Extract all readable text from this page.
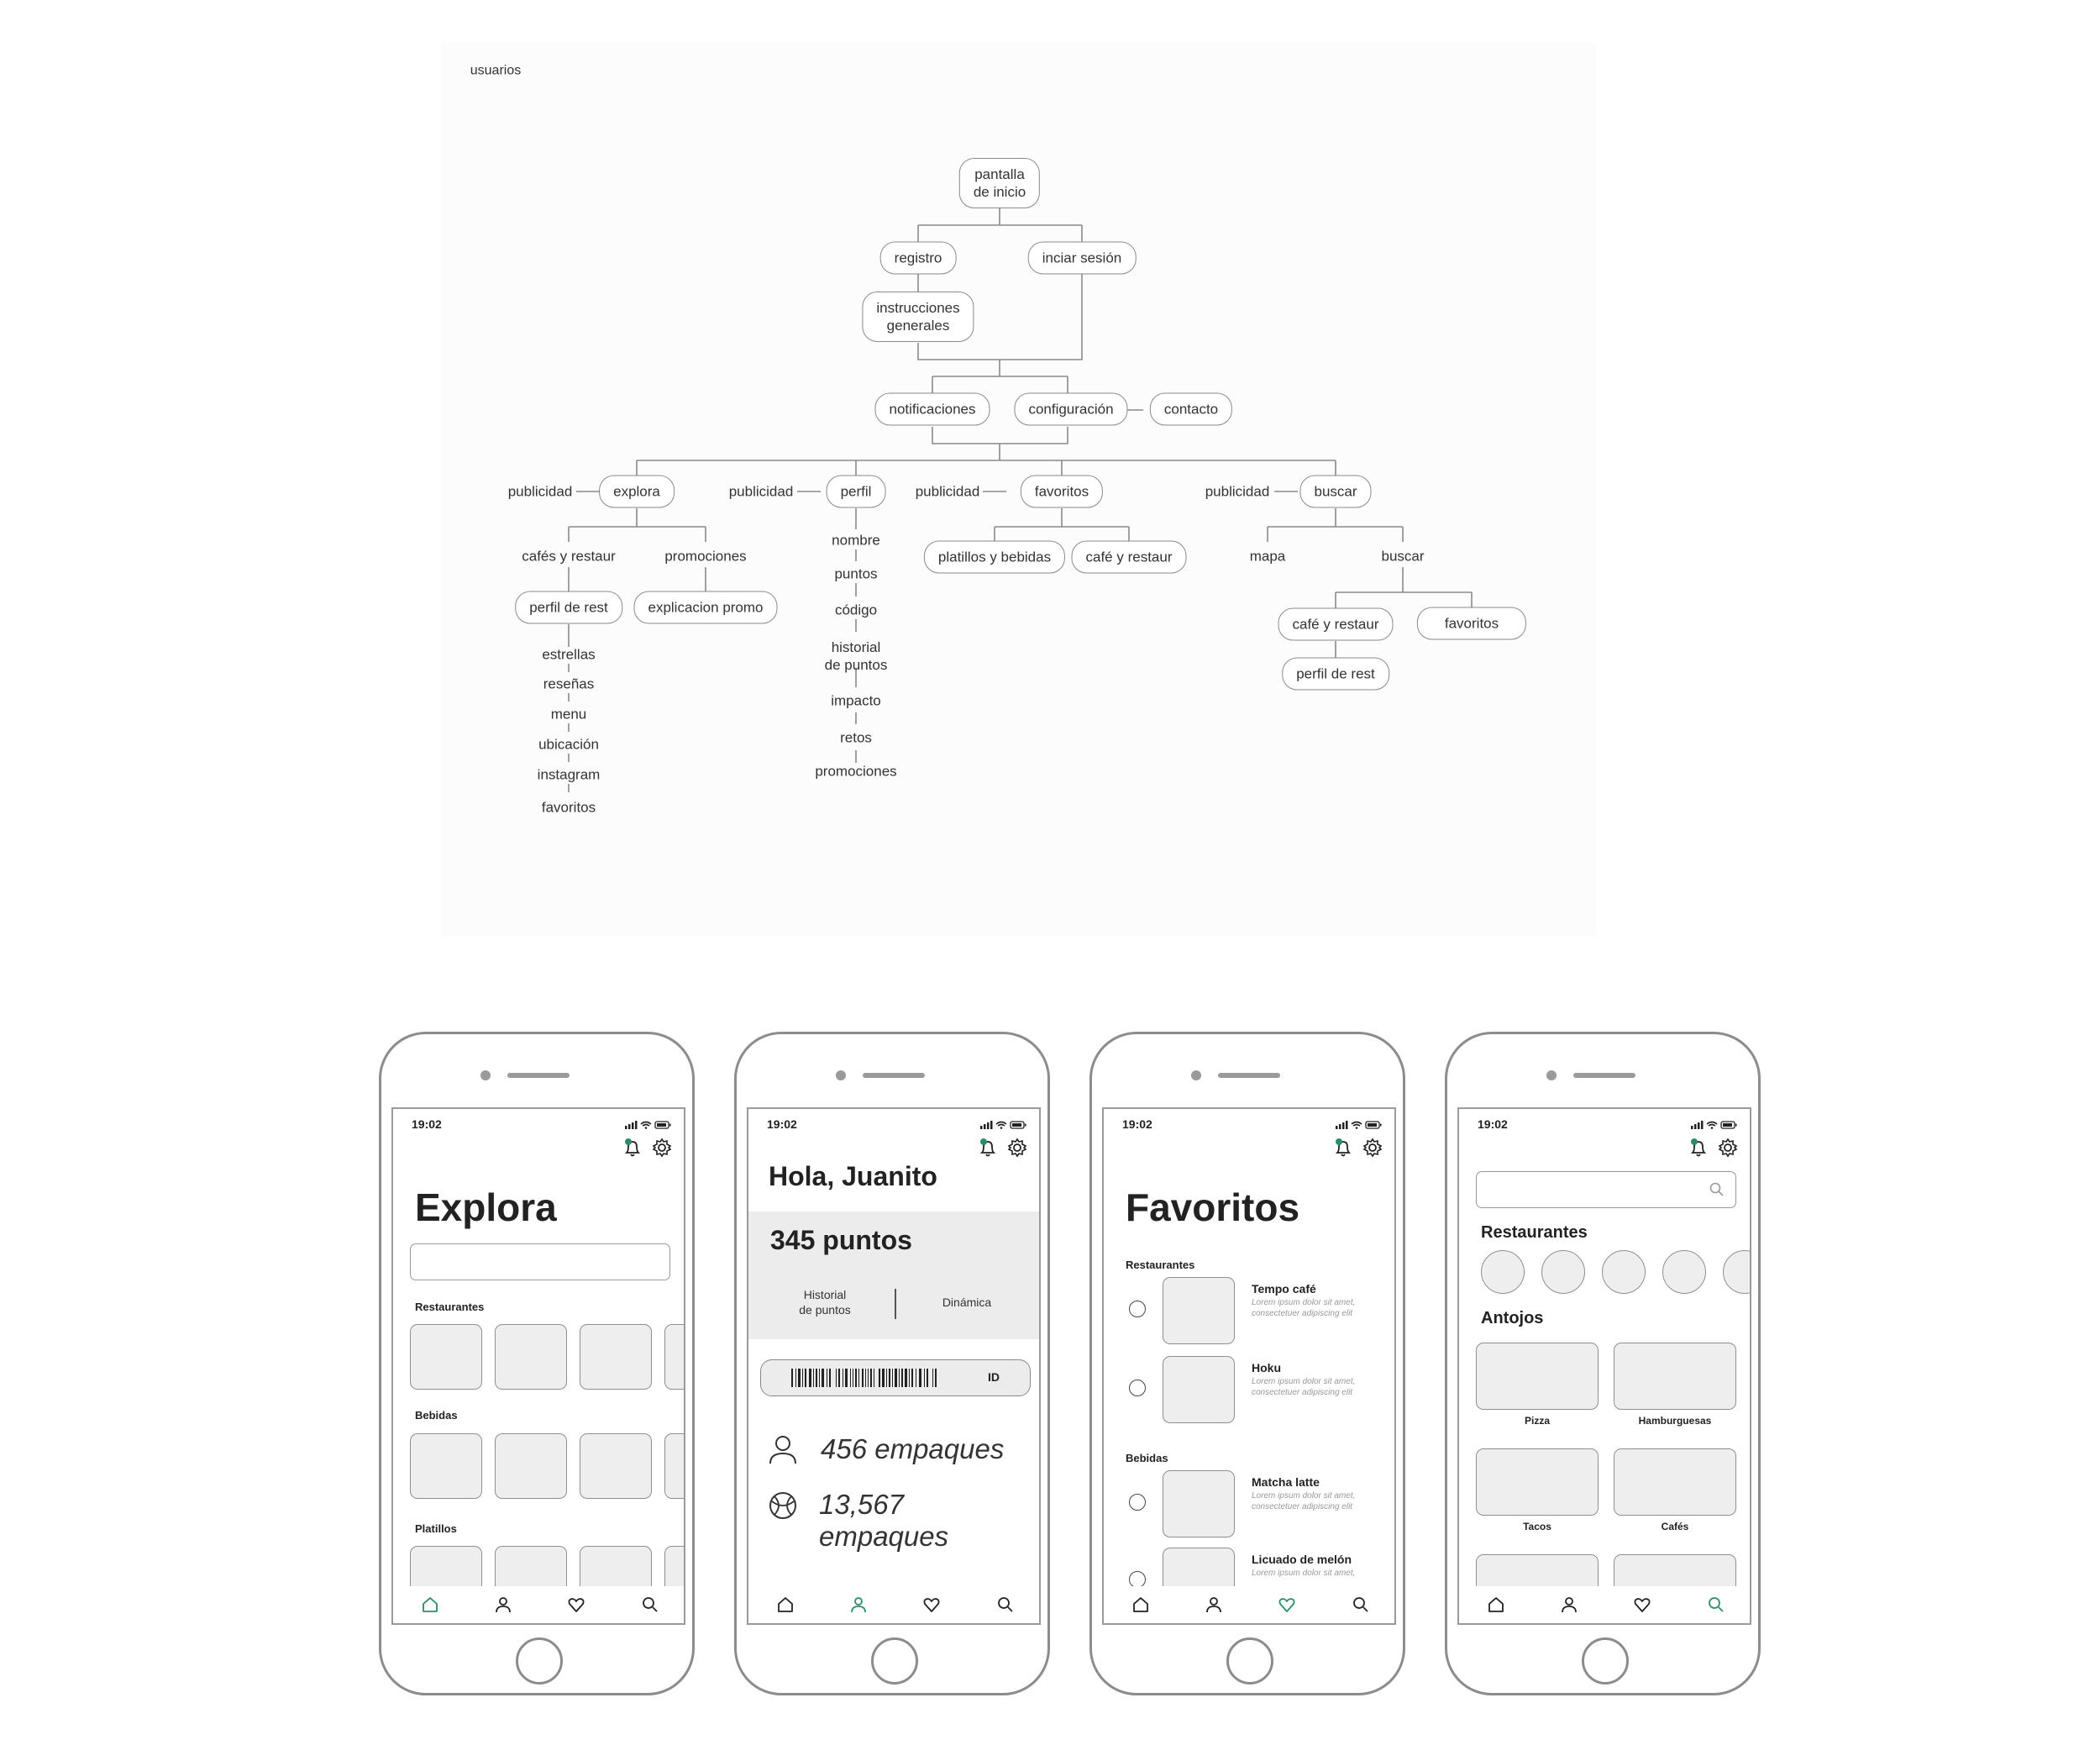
usuarios
pantalla
de inicio
registro	inciar sesión
instrucciones
generales
notificaciones	configuración	contacto
publicidad	explora	publicidad	perfil	publicidad	favoritos	publicidad	buscar
cafés y restaur	promociones
perfil de rest	explicacion promo
estrellas
reseñas
menu
ubicación
instagram
favoritos
nombre
puntos
código
historial
de puntos
impacto
retos
promociones
platillos y bebidas	café y restaur	mapa	buscar
café y restaur	favoritos
perfil de rest
19:02

Explora
Restaurantes
Bebidas
Platillos
19:02

Hola, Juanito
345 puntos
Historial
de puntos
Dinámica
ID
456 empaques
13,567 empaques
19:02

Favoritos
Restaurantes
Tempo café
Lorem ipsum dolor sit amet, consectetuer adipiscing elit
Hoku
Lorem ipsum dolor sit amet, consectetuer adipiscing elit
Bebidas
Matcha latte
Lorem ipsum dolor sit amet, consectetuer adipiscing elit
Licuado de melón
Lorem ipsum dolor sit amet,
19:02

Restaurantes
Antojos
Pizza	Hamburguesas
Tacos	Cafés
